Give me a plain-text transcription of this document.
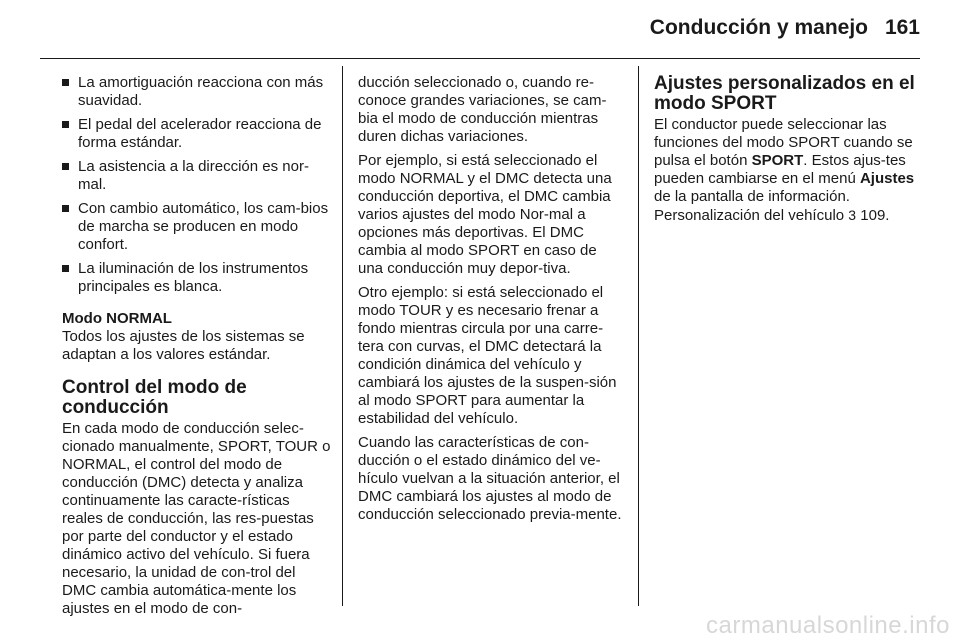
Conducción y manejo 161
La amortiguación reacciona con más suavidad.
El pedal del acelerador reacciona de forma estándar.
La asistencia a la dirección es nor-mal.
Con cambio automático, los cam-bios de marcha se producen en modo confort.
La iluminación de los instrumentos principales es blanca.
Modo NORMAL

Todos los ajustes de los sistemas se adaptan a los valores estándar.

Control del modo de conducción

En cada modo de conducción selec-cionado manualmente, SPORT, TOUR o NORMAL, el control del modo de conducción (DMC) detecta y analiza continuamente las caracte-rísticas reales de conducción, las res-puestas por parte del conductor y el estado dinámico activo del vehículo. Si fuera necesario, la unidad de con-trol del DMC cambia automática-mente los ajustes en el modo de con-

ducción seleccionado o, cuando re-conoce grandes variaciones, se cam-bia el modo de conducción mientras duren dichas variaciones.

Por ejemplo, si está seleccionado el modo NORMAL y el DMC detecta una conducción deportiva, el DMC cambia varios ajustes del modo Nor-mal a opciones más deportivas. El DMC cambia al modo SPORT en caso de una conducción muy depor-tiva.

Otro ejemplo: si está seleccionado el modo TOUR y es necesario frenar a fondo mientras circula por una carre-tera con curvas, el DMC detectará la condición dinámica del vehículo y cambiará los ajustes de la suspen-sión al modo SPORT para aumentar la estabilidad del vehículo.

Cuando las características de con-ducción o el estado dinámico del ve-hículo vuelvan a la situación anterior, el DMC cambiará los ajustes al modo de conducción seleccionado previa-mente.

Ajustes personalizados en el modo SPORT

El conductor puede seleccionar las funciones del modo SPORT cuando se pulsa el botón SPORT. Estos ajus-tes pueden cambiarse en el menú Ajustes de la pantalla de información. Personalización del vehículo 3 109.

carmanualsonline.info
